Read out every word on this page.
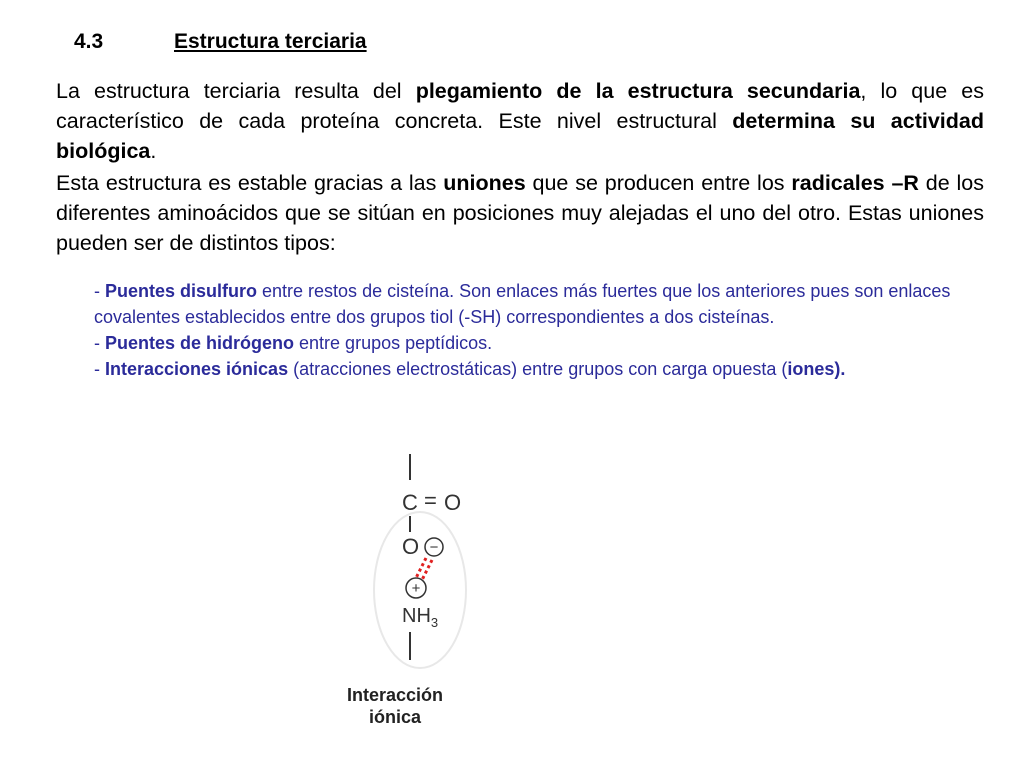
4.3	Estructura terciaria
La estructura terciaria resulta del plegamiento de la estructura secundaria, lo que es característico de cada proteína concreta. Este nivel estructural determina su actividad biológica.
Esta estructura es estable gracias a las uniones que se producen entre los radicales –R de los diferentes aminoácidos que se sitúan en posiciones muy alejadas el uno del otro. Estas uniones pueden ser de distintos tipos:
- Puentes disulfuro entre restos de cisteína. Son enlaces más fuertes que los anteriores pues son enlaces covalentes establecidos entre dos grupos tiol (-SH) correspondientes a dos cisteínas.
- Puentes de hidrógeno entre grupos peptídicos.
- Interacciones iónicas (atracciones electrostáticas) entre grupos con carga opuesta (iones).
C = O
O −
+
$NH_3$
Interacción
iónica
